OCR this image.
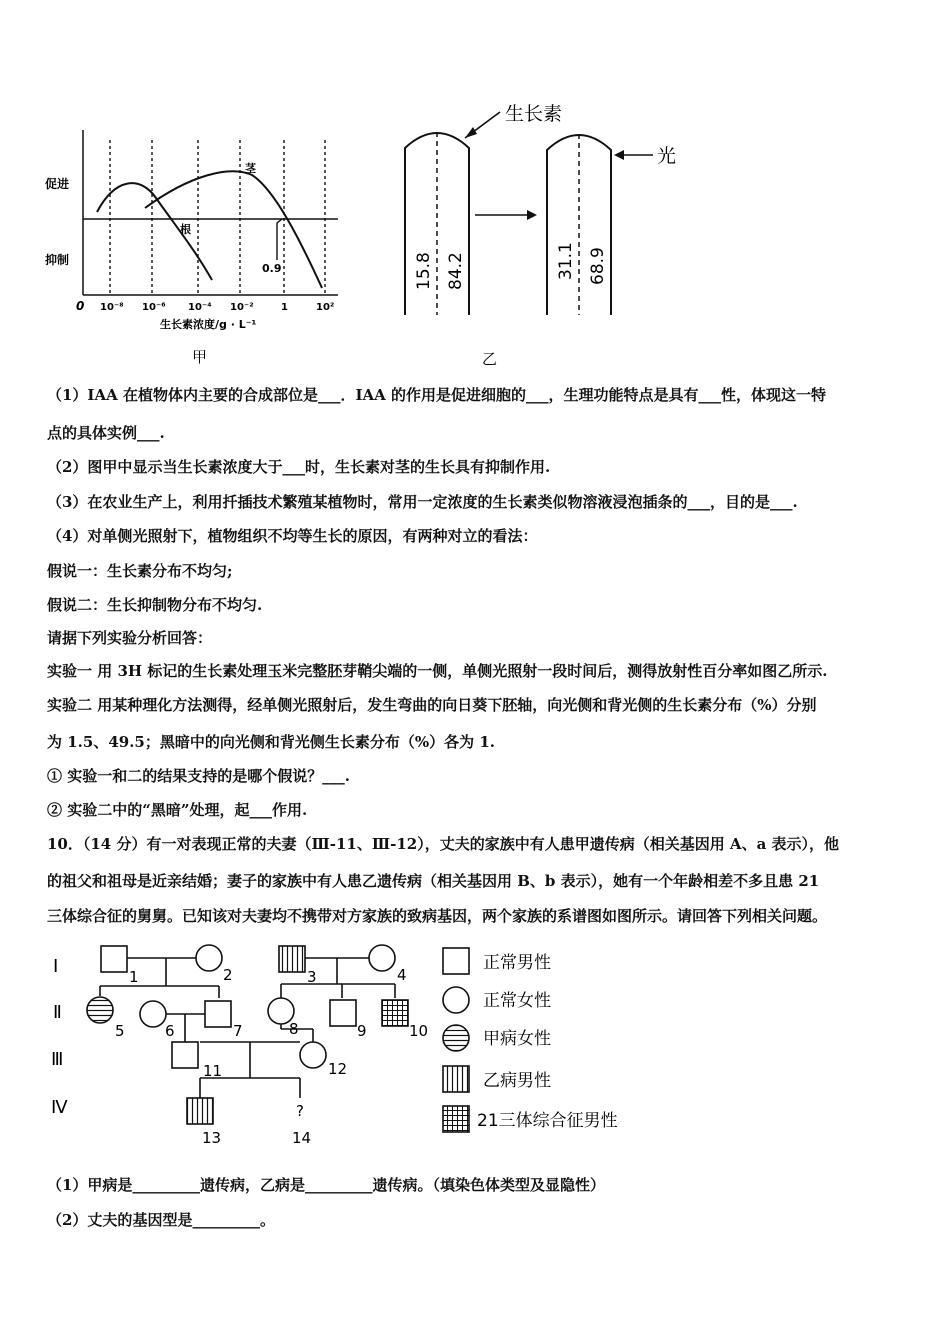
促进
抑制
0 10⁻⁸ 10⁻⁶ 10⁻⁴ 10⁻²	1	10²
生长素浓度/g · L⁻¹
茎
根
0.9
甲
15.8 84.2
生长素
31.1 68.9
光
乙
（1）IAA 在植物体内主要的合成部位是___．IAA 的作用是促进细胞的___，生理功能特点是具有___性，体现这一特
点的具体实例___.
（2）图甲中显示当生长素浓度大于___时，生长素对茎的生长具有抑制作用.
（3）在农业生产上，利用扦插技术繁殖某植物时，常用一定浓度的生长素类似物溶液浸泡插条的___，目的是___.
（4）对单侧光照射下，植物组织不均等生长的原因，有两种对立的看法：
假说一：生长素分布不均匀;
假说二：生长抑制物分布不均匀.
请据下列实验分析回答：
实验一 用 3H 标记的生长素处理玉米完整胚芽鞘尖端的一侧，单侧光照射一段时间后，测得放射性百分率如图乙所示.
实验二 用某种理化方法测得，经单侧光照射后，发生弯曲的向日葵下胚轴，向光侧和背光侧的生长素分布（%）分别
为 1.5、49.5；黑暗中的向光侧和背光侧生长素分布（%）各为 1.
① 实验一和二的结果支持的是哪个假说？___.
② 实验二中的“黑暗”处理，起___作用.
10．（14 分）有一对表现正常的夫妻（Ⅲ-11、Ⅲ-12），丈夫的家族中有人患甲遗传病（相关基因用 A、a 表示），他
的祖父和祖母是近亲结婚；妻子的家族中有人患乙遗传病（相关基因用 B、b 表示），她有一个年龄相差不多且患 21
三体综合征的舅舅。已知该对夫妻均不携带对方家族的致病基因，两个家族的系谱图如图所示。请回答下列相关问题。
Ⅰ
Ⅱ
Ⅲ
Ⅳ
1	2	3	4
5	6	7	8	9	10
11	12
13	14
?
正常男性
正常女性
甲病女性
乙病男性
21三体综合征男性
（1）甲病是_________遗传病，乙病是_________遗传病。（填染色体类型及显隐性）
（2）丈夫的基因型是_________。
